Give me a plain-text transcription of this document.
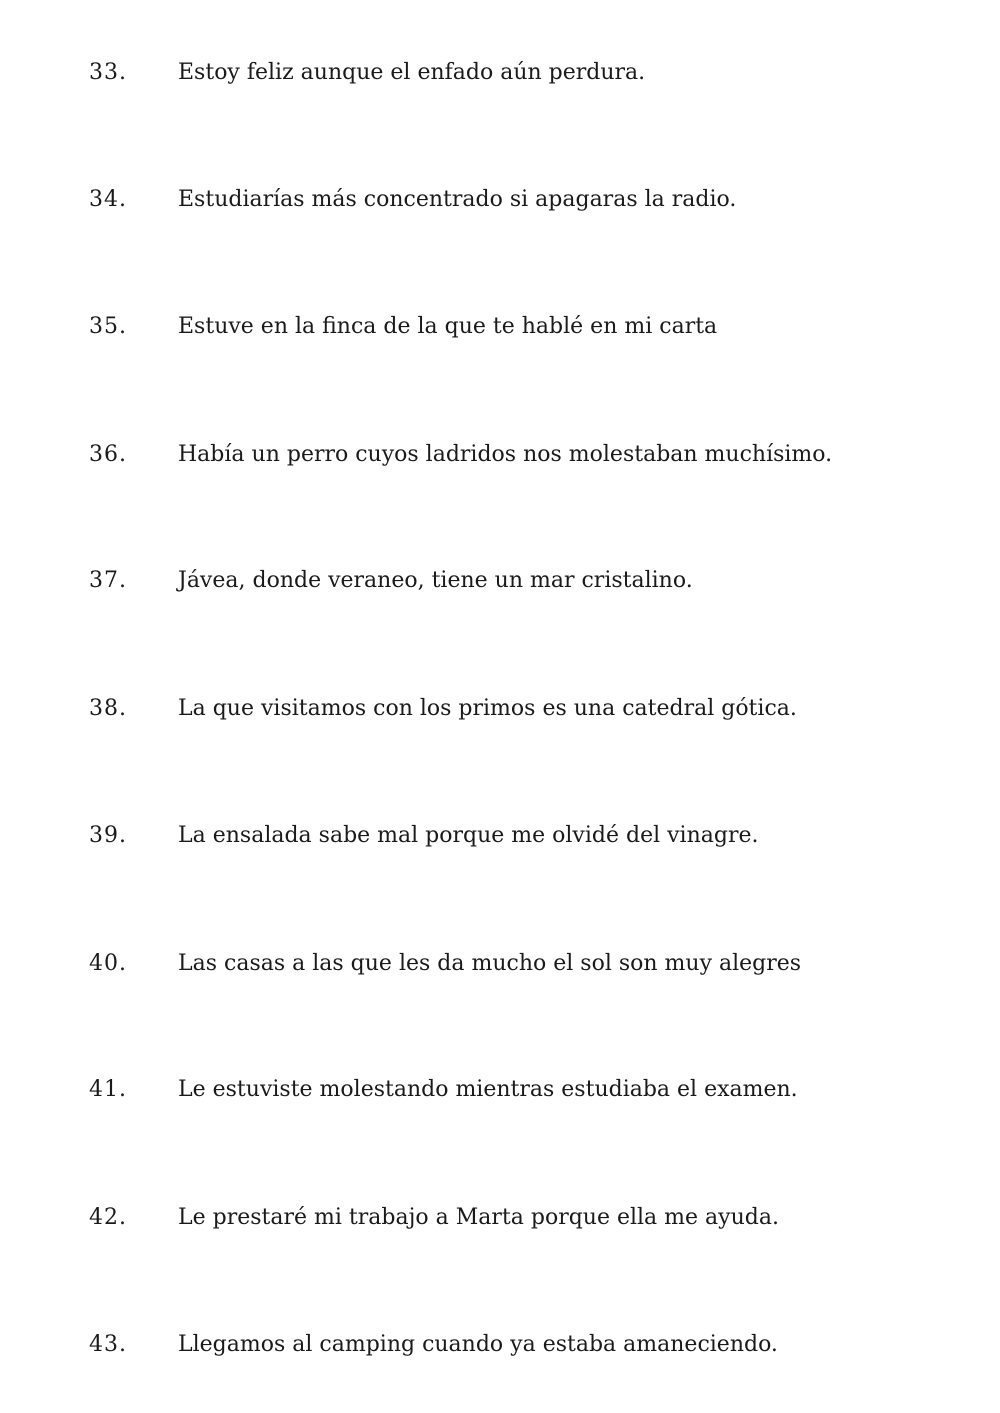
33. Estoy feliz aunque el enfado aún perdura.
34. Estudiarías más concentrado si apagaras la radio.
35. Estuve en la finca de la que te hablé en mi carta
36. Había un perro cuyos ladridos nos molestaban muchísimo.
37. Jávea, donde veraneo, tiene un mar cristalino.
38. La que visitamos con los primos es una catedral gótica.
39. La ensalada sabe mal porque me olvidé del vinagre.
40. Las casas a las que les da mucho el sol son muy alegres
41. Le estuviste molestando mientras estudiaba el examen.
42. Le prestaré mi trabajo a Marta porque ella me ayuda.
43. Llegamos al camping cuando ya estaba amaneciendo.
